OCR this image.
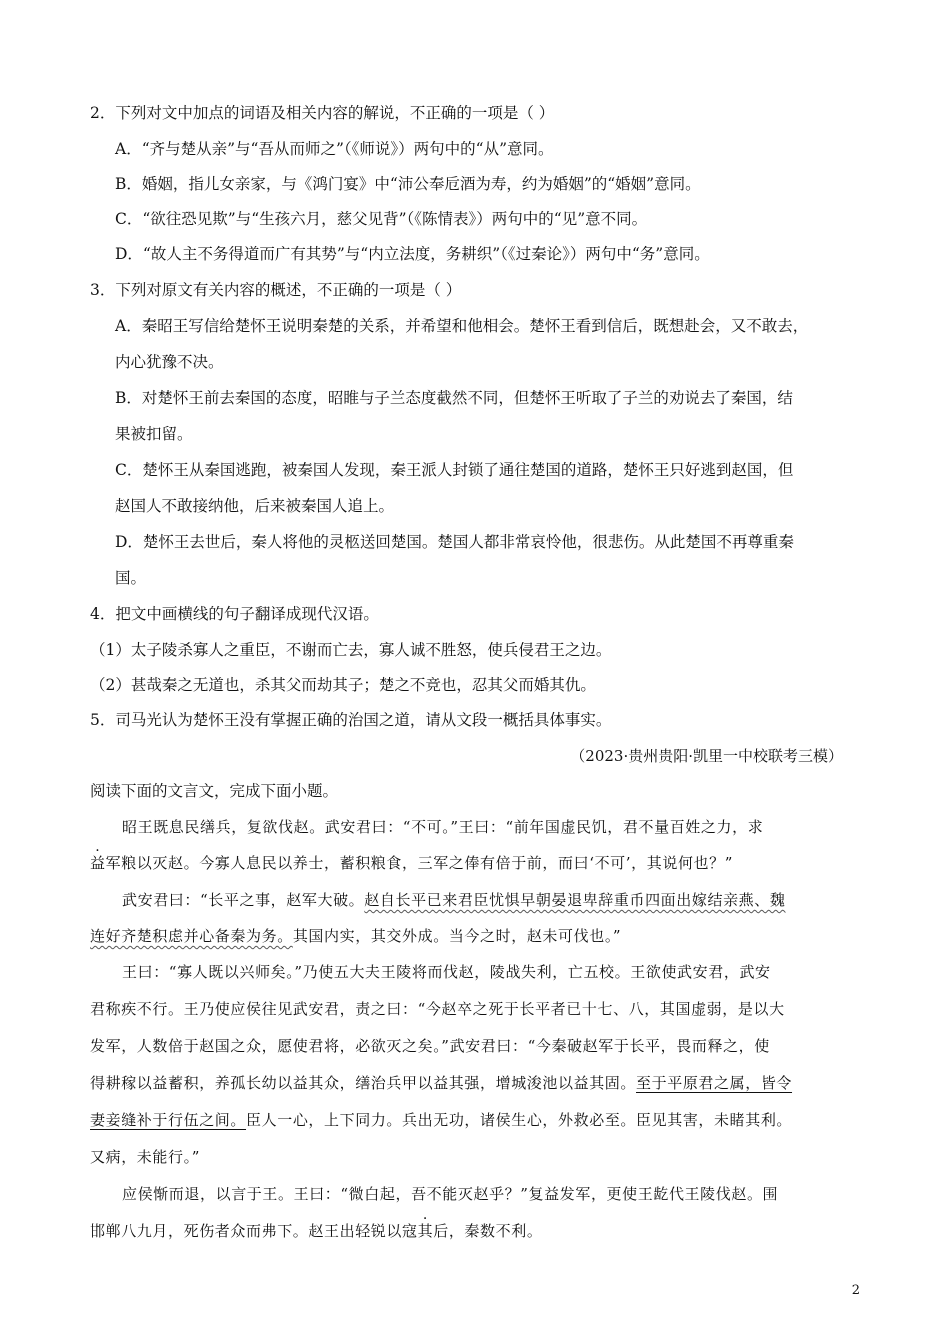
2．下列对文中加点的词语及相关内容的解说，不正确的一项是（ ）
A．“齐与楚从亲”与“吾从而师之”（《师说》）两句中的“从”意同。
B．婚姻，指儿女亲家，与《鸿门宴》中“沛公奉卮酒为寿，约为婚姻”的“婚姻”意同。
C．“欲往恐见欺”与“生孩六月，慈父见背”（《陈情表》）两句中的“见”意不同。
D．“故人主不务得道而广有其势”与“内立法度，务耕织”（《过秦论》）两句中“务”意同。
3．下列对原文有关内容的概述，不正确的一项是（ ）
A．秦昭王写信给楚怀王说明秦楚的关系，并希望和他相会。楚怀王看到信后，既想赴会，又不敢去，
内心犹豫不决。
B．对楚怀王前去秦国的态度，昭睢与子兰态度截然不同，但楚怀王听取了子兰的劝说去了秦国，结
果被扣留。
C．楚怀王从秦国逃跑，被秦国人发现，秦王派人封锁了通往楚国的道路，楚怀王只好逃到赵国，但
赵国人不敢接纳他，后来被秦国人追上。
D．楚怀王去世后，秦人将他的灵柩送回楚国。楚国人都非常哀怜他，很悲伤。从此楚国不再尊重秦
国。
4．把文中画横线的句子翻译成现代汉语。
（1）太子陵杀寡人之重臣，不谢而亡去，寡人诚不胜怒，使兵侵君王之边。
（2）甚哉秦之无道也，杀其父而劫其子；楚之不竞也，忍其父而婚其仇。
5．司马光认为楚怀王没有掌握正确的治国之道，请从文段一概括具体事实。
（2023·贵州贵阳·凯里一中校联考三模）
阅读下面的文言文，完成下面小题。
昭王既息民缮兵，复欲伐赵。武安君曰：“不可。”王曰：“前年国虚民饥，君不量百姓之力，求
益军粮以灭赵。今寡人息民以养士，蓄积粮食，三军之俸有倍于前，而曰‘不可’，其说何也？”
武安君曰：“长平之事，赵军大破。赵自长平已来君臣忧惧早朝晏退卑辞重币四面出嫁结亲燕、魏
连好齐楚积虑并心备秦为务。其国内实，其交外成。当今之时，赵未可伐也。”
王曰：“寡人既以兴师矣。”乃使五大夫王陵将而伐赵，陵战失利，亡五校。王欲使武安君，武安
君称疾不行。王乃使应侯往见武安君，责之曰：“今赵卒之死于长平者已十七、八，其国虚弱，是以大
发军，人数倍于赵国之众，愿使君将，必欲灭之矣。”武安君曰：“今秦破赵军于长平，畏而释之，使
得耕稼以益蓄积，养孤长幼以益其众，缮治兵甲以益其强，增城浚池以益其固。至于平原君之属，皆令
妻妾缝补于行伍之间。臣人一心，上下同力。兵出无功，诸侯生心，外救必至。臣见其害，未睹其利。
又病，未能行。”
应侯惭而退，以言于王。王曰：“微白起，吾不能灭赵乎？”复益发军，更使王龁代王陵伐赵。围
邯郸八九月，死伤者众而弗下。赵王出轻锐以寇其后，秦数不利。
2
